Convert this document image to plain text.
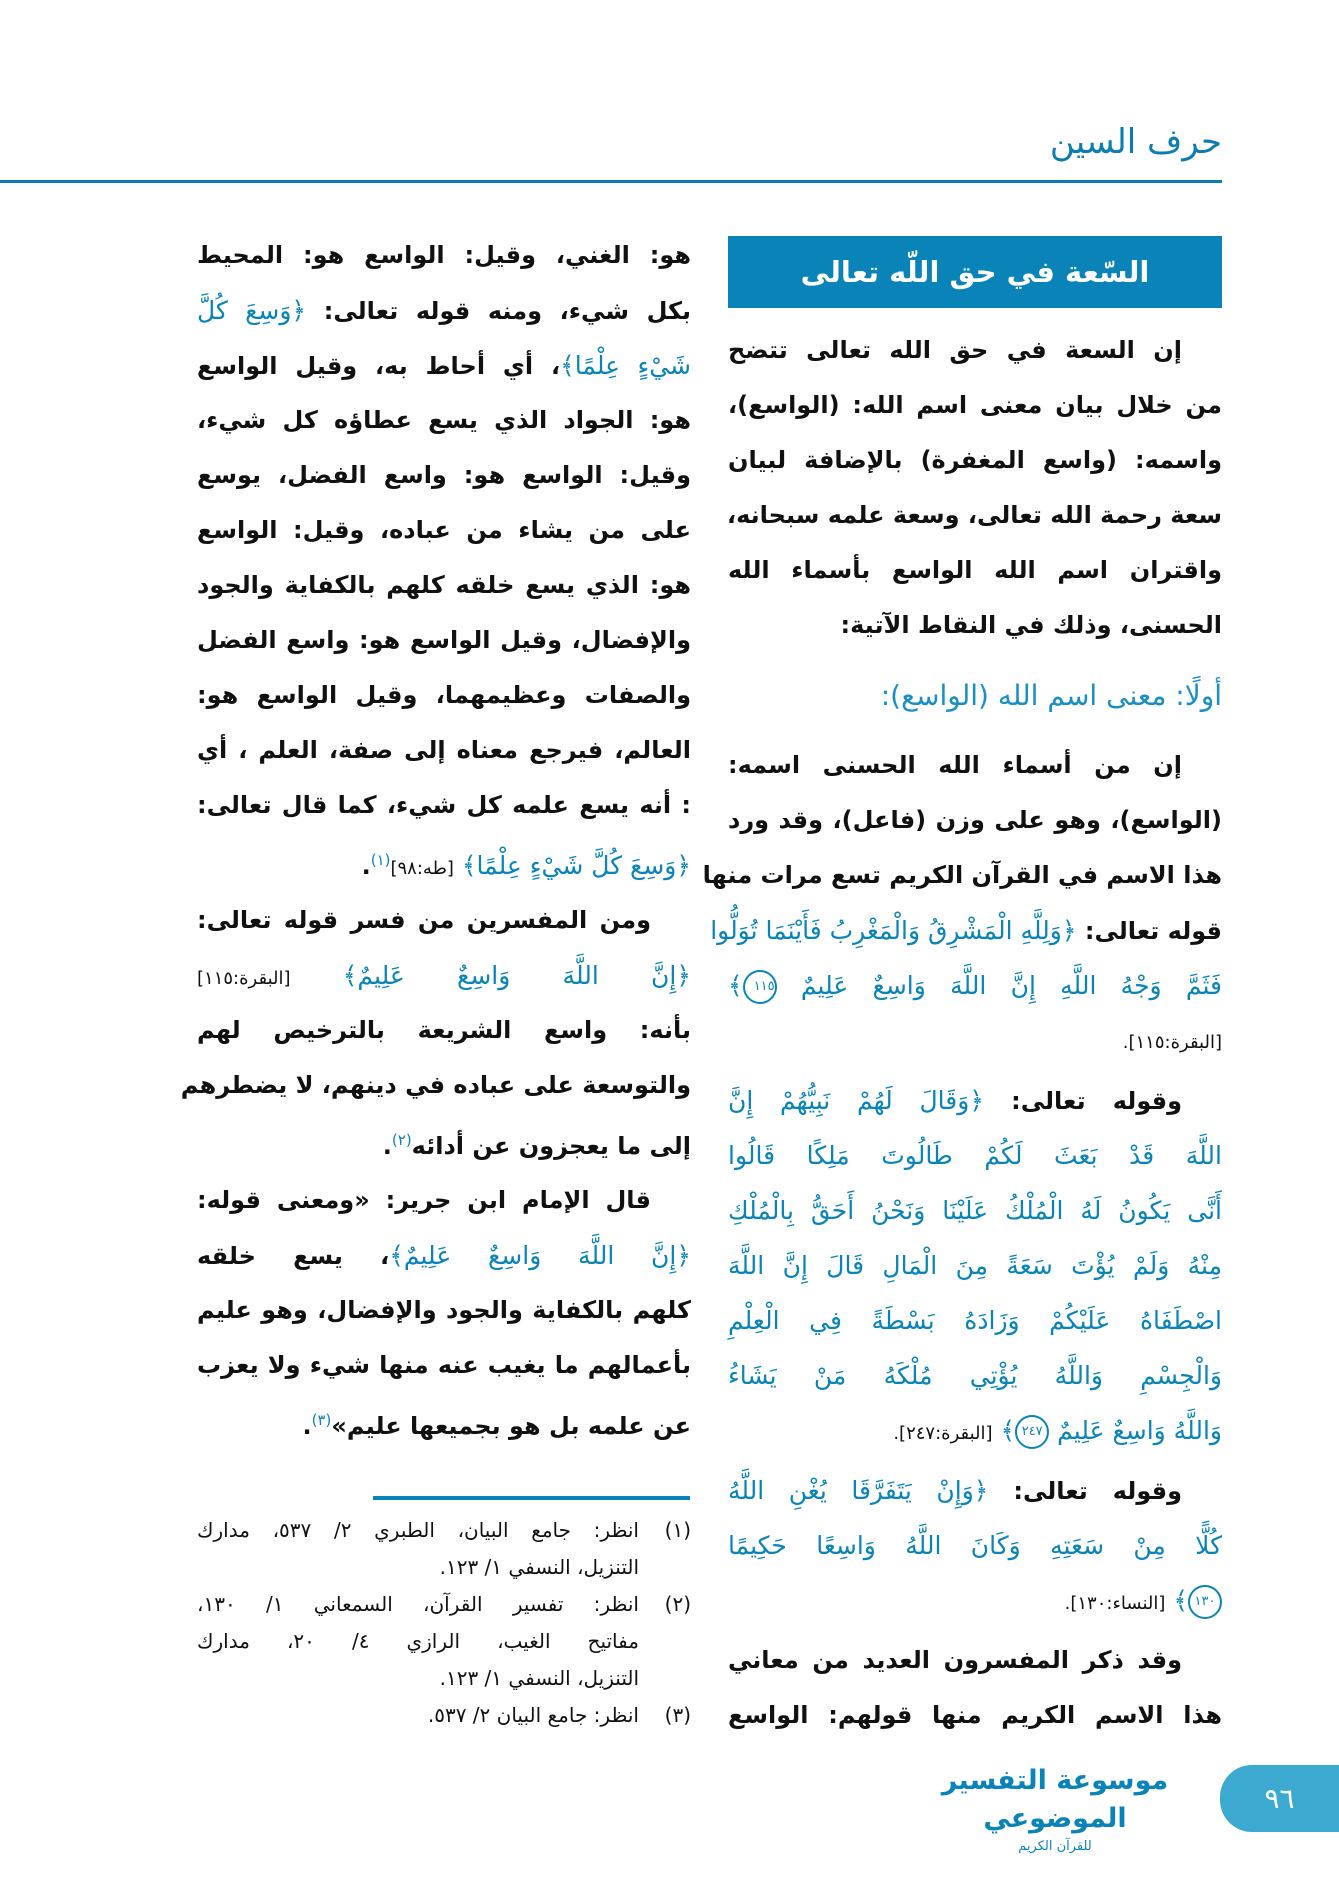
حرف السين
السّعة في حق اللّه تعالى
إن السعة في حق الله تعالى تتضح
من خلال بيان معنى اسم الله: (الواسع)،
واسمه: (واسع المغفرة) بالإضافة لبيان
سعة رحمة الله تعالى، وسعة علمه سبحانه،
واقتران اسم الله الواسع بأسماء الله
الحسنى، وذلك في النقاط الآتية:
أولًا: معنى اسم الله (الواسع):
إن من أسماء الله الحسنى اسمه:
(الواسع)، وهو على وزن (فاعل)، وقد ورد
هذا الاسم في القرآن الكريم تسع مرات منها
قوله تعالى: ﴿وَلِلَّهِ الْمَشْرِقُ وَالْمَغْرِبُ فَأَيْنَمَا تُوَلُّوا
فَثَمَّ وَجْهُ اللَّهِ إِنَّ اللَّهَ وَاسِعٌ عَلِيمٌ ١١٥﴾
[البقرة:١١٥].
وقوله تعالى: ﴿وَقَالَ لَهُمْ نَبِيُّهُمْ إِنَّ
اللَّهَ قَدْ بَعَثَ لَكُمْ طَالُوتَ مَلِكًا قَالُوا
أَنَّى يَكُونُ لَهُ الْمُلْكُ عَلَيْنَا وَنَحْنُ أَحَقُّ بِالْمُلْكِ
مِنْهُ وَلَمْ يُؤْتَ سَعَةً مِنَ الْمَالِ قَالَ إِنَّ اللَّهَ
اصْطَفَاهُ عَلَيْكُمْ وَزَادَهُ بَسْطَةً فِي الْعِلْمِ
وَالْجِسْمِ وَاللَّهُ يُؤْتِي مُلْكَهُ مَنْ يَشَاءُ
وَاللَّهُ وَاسِعٌ عَلِيمٌ ٢٤٧﴾ [البقرة:٢٤٧].
وقوله تعالى: ﴿وَإِنْ يَتَفَرَّقَا يُغْنِ اللَّهُ
كُلًّا مِنْ سَعَتِهِ وَكَانَ اللَّهُ وَاسِعًا حَكِيمًا
١٣٠﴾ [النساء:١٣٠].
وقد ذكر المفسرون العديد من معاني
هذا الاسم الكريم منها قولهم: الواسع
هو: الغني، وقيل: الواسع هو: المحيط
بكل شيء، ومنه قوله تعالى: ﴿وَسِعَ كُلَّ
شَيْءٍ عِلْمًا﴾، أي أحاط به، وقيل الواسع
هو: الجواد الذي يسع عطاؤه كل شيء،
وقيل: الواسع هو: واسع الفضل، يوسع
على من يشاء من عباده، وقيل: الواسع
هو: الذي يسع خلقه كلهم بالكفاية والجود
والإفضال، وقيل الواسع هو: واسع الفضل
والصفات وعظيمهما، وقيل الواسع هو:
العالم، فيرجع معناه إلى صفة، العلم ، أي
: أنه يسع علمه كل شيء، كما قال تعالى:
﴿وَسِعَ كُلَّ شَيْءٍ عِلْمًا﴾ [طه:٩٨]$^{(١)}$.
ومن المفسرين من فسر قوله تعالى:
﴿إِنَّ اللَّهَ وَاسِعٌ عَلِيمٌ﴾ [البقرة:١١٥]
بأنه: واسع الشريعة بالترخيص لهم
والتوسعة على عباده في دينهم، لا يضطرهم
إلى ما يعجزون عن أدائه$^{(٢)}$.
قال الإمام ابن جرير: «ومعنى قوله:
﴿إِنَّ اللَّهَ وَاسِعٌ عَلِيمٌ﴾، يسع خلقه
كلهم بالكفاية والجود والإفضال، وهو عليم
بأعمالهم ما يغيب عنه منها شيء ولا يعزب
عن علمه بل هو بجميعها عليم»$^{(٣)}$.
(١)
انظر: جامع البيان، الطبري ٢/ ٥٣٧، مدارك
التنزيل، النسفي ١/ ١٢٣.
(٢)
انظر: تفسير القرآن، السمعاني ١/ ١٣٠،
مفاتيح الغيب، الرازي ٤/ ٢٠، مدارك
التنزيل، النسفي ١/ ١٢٣.
(٣)
انظر: جامع البيان ٢/ ٥٣٧.
موسوعة التفسير الموضوعي
للقرآن الكريم
٩٦
